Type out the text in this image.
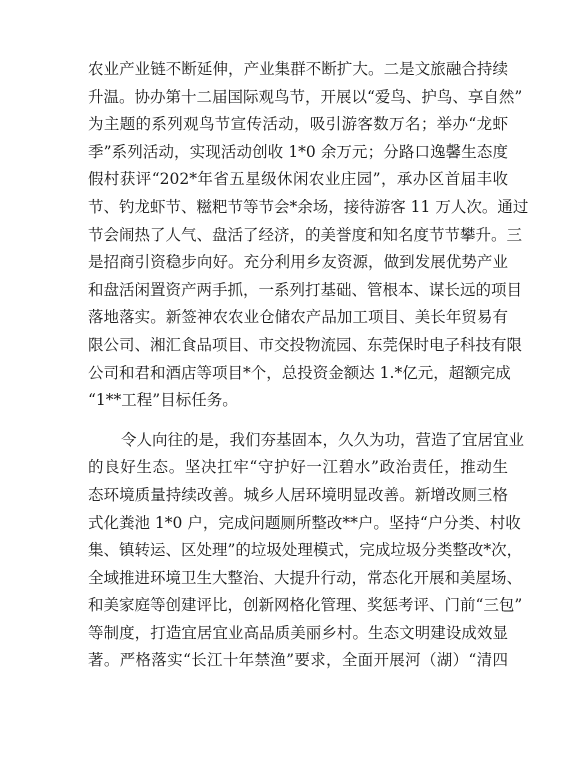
农业产业链不断延伸，产业集群不断扩大。二是文旅融合持续
升温。协办第十二届国际观鸟节，开展以“爱鸟、护鸟、享自然”
为主题的系列观鸟节宣传活动，吸引游客数万名；举办“龙虾
季”系列活动，实现活动创收 1*0 余万元；分路口逸馨生态度
假村获评“202*年省五星级休闲农业庄园”，承办区首届丰收
节、钓龙虾节、糍粑节等节会*余场，接待游客 11 万人次。通过
节会闹热了人气、盘活了经济，的美誉度和知名度节节攀升。三
是招商引资稳步向好。充分利用乡友资源，做到发展优势产业
和盘活闲置资产两手抓，一系列打基础、管根本、谋长远的项目
落地落实。新签神农农业仓储农产品加工项目、美长年贸易有
限公司、湘汇食品项目、市交投物流园、东莞保时电子科技有限
公司和君和酒店等项目*个，总投资金额达 1.*亿元，超额完成
“1**工程”目标任务。
令人向往的是，我们夯基固本，久久为功，营造了宜居宜业
的良好生态。坚决扛牢“守护好一江碧水”政治责任，推动生
态环境质量持续改善。城乡人居环境明显改善。新增改厕三格
式化粪池 1*0 户，完成问题厕所整改**户。坚持“户分类、村收
集、镇转运、区处理”的垃圾处理模式，完成垃圾分类整改*次，
全域推进环境卫生大整治、大提升行动，常态化开展和美屋场、
和美家庭等创建评比，创新网格化管理、奖惩考评、门前“三包”
等制度，打造宜居宜业高品质美丽乡村。生态文明建设成效显
著。严格落实“长江十年禁渔”要求，全面开展河（湖）“清四
